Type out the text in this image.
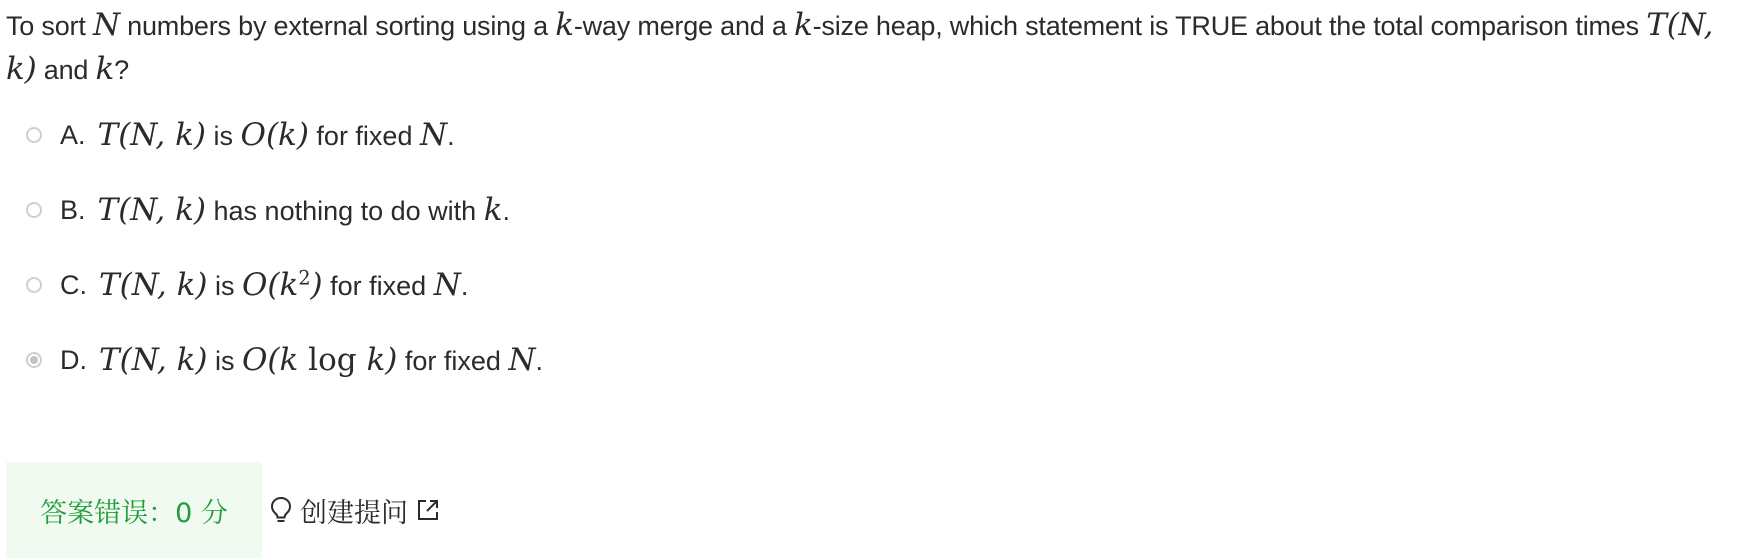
To sort N numbers by external sorting using a k-way merge and a k-size heap, which statement is TRUE about the total comparison times T(N, k) and k?
A. T(N, k) is O(k) for fixed N.
B. T(N, k) has nothing to do with k.
C. T(N, k) is $O(k^2)$ for fixed N.
D. T(N, k) is O(k log k) for fixed N.
答案错误：0 分	创建提问
